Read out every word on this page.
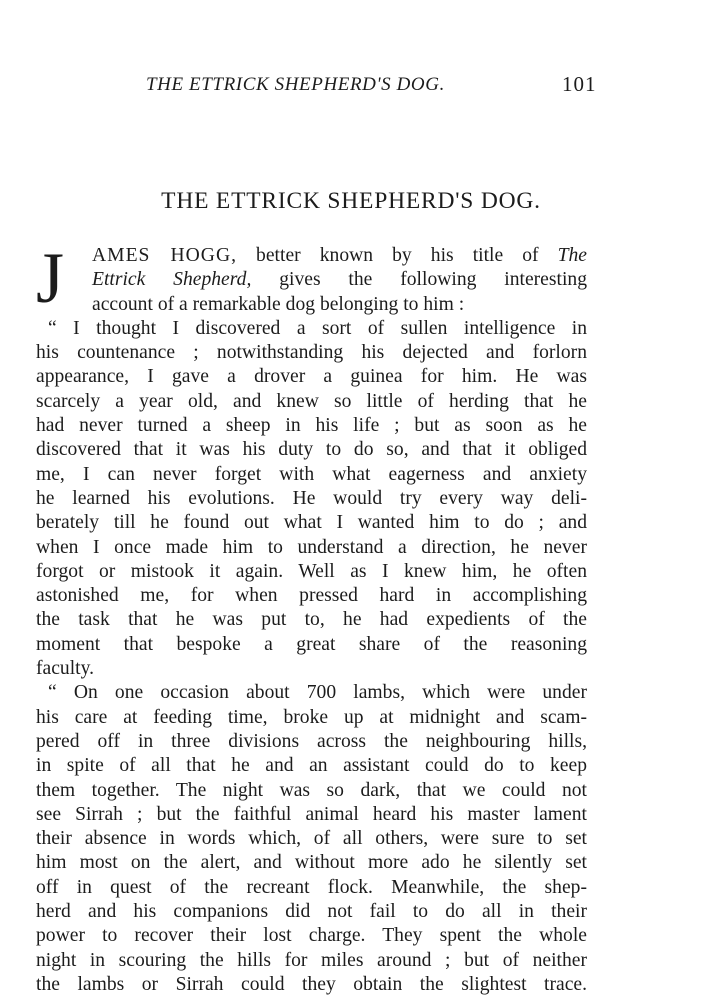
THE ETTRICK SHEPHERD'S DOG.	101
THE ETTRICK SHEPHERD'S DOG.
J AMES HOGG, better known by his title of The
Ettrick Shepherd, gives the following interesting
account of a remarkable dog belonging to him :
“ I thought I discovered a sort of sullen intelligence in
his countenance ; notwithstanding his dejected and forlorn
appearance, I gave a drover a guinea for him. He was
scarcely a year old, and knew so little of herding that he
had never turned a sheep in his life ; but as soon as he
discovered that it was his duty to do so, and that it obliged
me, I can never forget with what eagerness and anxiety
he learned his evolutions. He would try every way deli-
berately till he found out what I wanted him to do ; and
when I once made him to understand a direction, he never
forgot or mistook it again. Well as I knew him, he often
astonished me, for when pressed hard in accomplishing
the task that he was put to, he had expedients of the
moment that bespoke a great share of the reasoning
faculty.
“ On one occasion about 700 lambs, which were under
his care at feeding time, broke up at midnight and scam-
pered off in three divisions across the neighbouring hills,
in spite of all that he and an assistant could do to keep
them together. The night was so dark, that we could not
see Sirrah ; but the faithful animal heard his master lament
their absence in words which, of all others, were sure to set
him most on the alert, and without more ado he silently set
off in quest of the recreant flock. Meanwhile, the shep-
herd and his companions did not fail to do all in their
power to recover their lost charge. They spent the whole
night in scouring the hills for miles around ; but of neither
the lambs or Sirrah could they obtain the slightest trace.
